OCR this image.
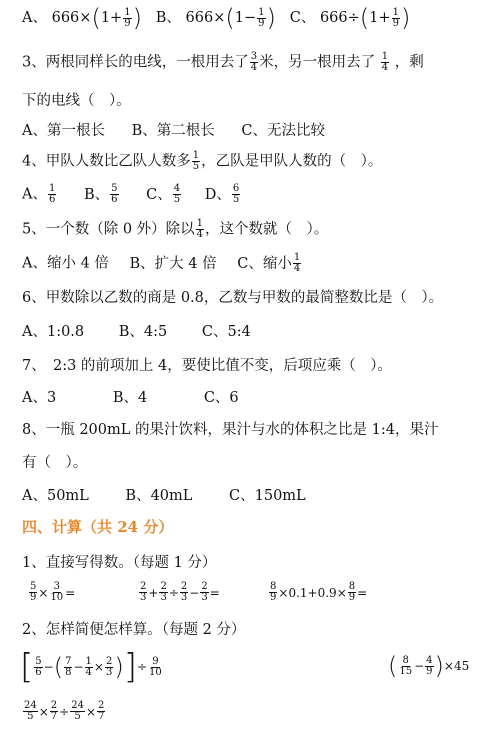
A、 $666\times(1+ \frac{1}{9}$ ) B、 $666\times(1- \frac{1}{9}$ ) C、 $666\div(1+ \frac{1}{9}$ )
3、两根同样长的电线，一根用去了 $\frac{3}{4}$ 米，另一根用去了 $\frac{1}{4}$ ，剩
下的电线（　）。
A、第一根长 B、第二根长 C、无法比较
4、甲队人数比乙队人数多 $\frac{1}{5}$ ，乙队是甲队人数的（　）。
A、 $\frac{1}{6}$ B、 $\frac{5}{6}$ C、 $\frac{4}{5}$ D、 $\frac{6}{5}$
5、一个数（除 0 外）除以 $\frac{1}{4}$ ，这个数就（　）。
A、缩小 4 倍 B、扩大 4 倍 C、缩小 $\frac{1}{4}$
6、甲数除以乙数的商是 0.8，乙数与甲数的最简整数比是（　）。
A、1:0.8 B、4:5 C、5:4
7、　2:3 的前项加上 4，要使比值不变，后项应乘（　）。
A、3	B、4	C、6
8、一瓶 200mL 的果汁饮料，果汁与水的体积之比是 1:4，果汁
有（　）。
A、50mL	B、40mL	C、150mL
四、计算（共 24 分）
1、直接写得数。（每题 1 分）
$\frac{5}{9} \times \frac{3}{10}$ =	$\frac{2}{3} + \frac{2}{3} \div \frac{2}{3} - \frac{2}{3}$ =	$\frac{8}{9} \times 0.1 + 0.9 \times \frac{8}{9}$ =
2、怎样简便怎样算。（每题 2 分）
[ $\frac{5}{6}$ − ( $\frac{7}{8} - \frac{1}{4} \times \frac{2}{3}$ ) ] ÷ $\frac{9}{10}$	( $\frac{8}{15} - \frac{4}{9}$ ) × 45
$\frac{24}{5} \times \frac{2}{7} \div \frac{24}{5} \times \frac{2}{7}$
